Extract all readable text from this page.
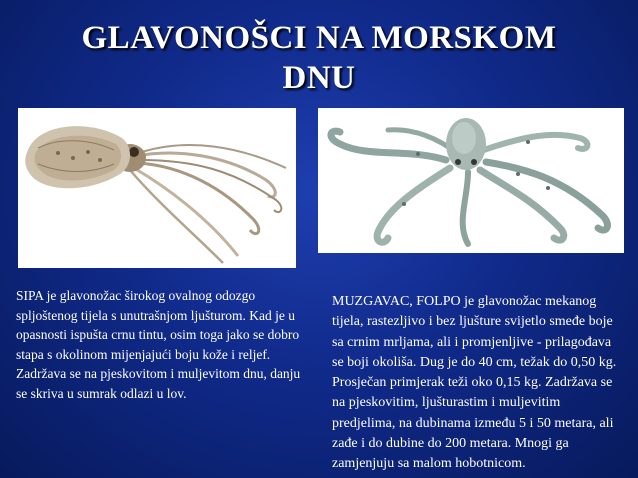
GLAVONOŠCI NA MORSKOM
DNU
SIPA je glavonožac širokog ovalnog odozgo spljoštenog tijela s unutrašnjom ljušturom. Kad je u opasnosti ispušta crnu tintu, osim toga jako se dobro stapa s okolinom mijenjajući boju kože i reljef. Zadržava se na pjeskovitom i muljevitom dnu, danju se skriva u sumrak odlazi u lov.
MUZGAVAC, FOLPO je glavonožac mekanog tijela, rastezljivo i bez ljušture svijetlo smeđe boje sa crnim mrljama, ali i promjenljive - prilagođava se boji okoliša. Dug je do 40 cm, težak do 0,50 kg. Prosječan primjerak teži oko 0,15 kg. Zadržava se na pjeskovitim, ljušturastim i muljevitim predjelima, na dubinama između 5 i 50 metara, ali zađe i do dubine do 200 metara. Mnogi ga zamjenjuju sa malom hobotnicom.
